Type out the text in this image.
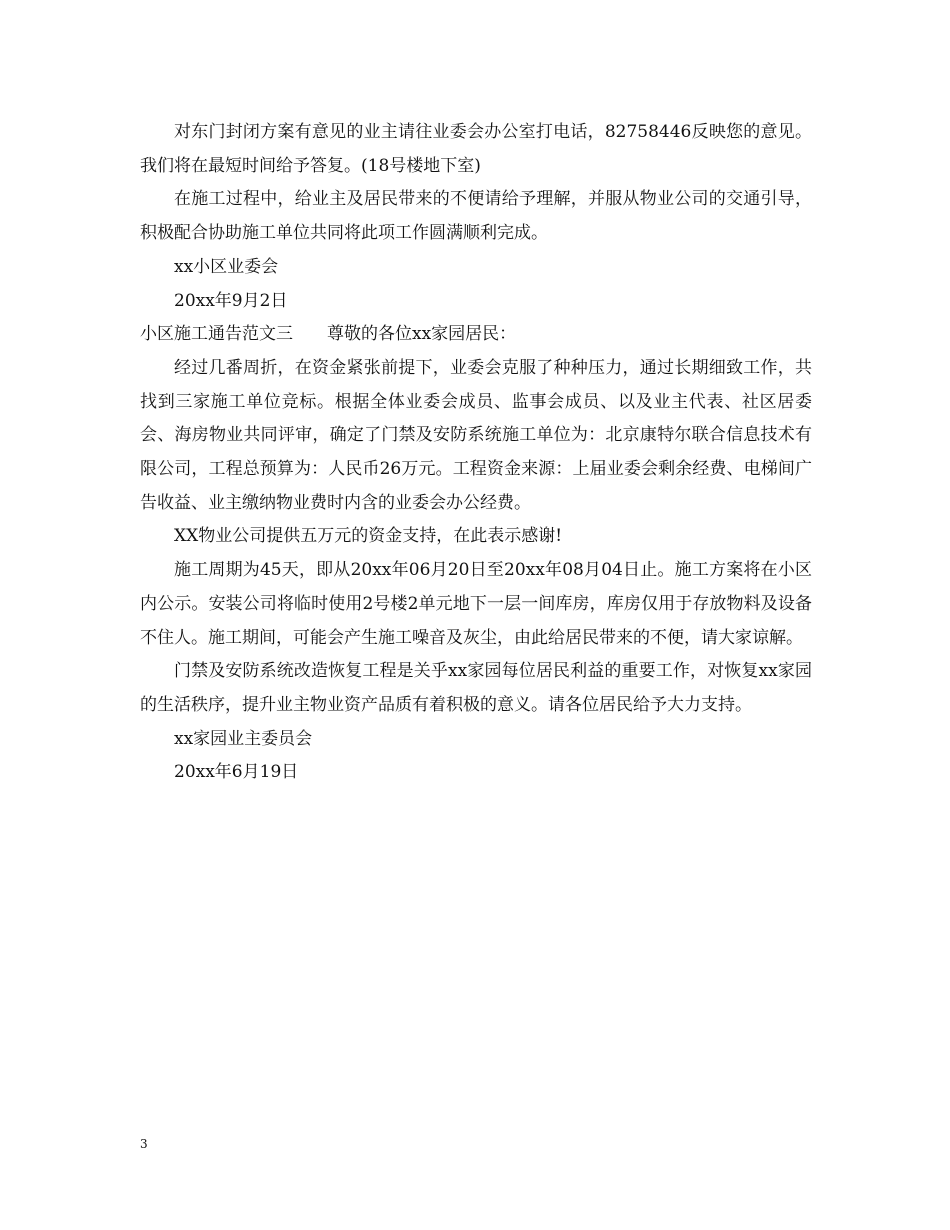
对东门封闭方案有意见的业主请往业委会办公室打电话，82758446反映您的意见。我们将在最短时间给予答复。(18号楼地下室)

在施工过程中，给业主及居民带来的不便请给予理解，并服从物业公司的交通引导，积极配合协助施工单位共同将此项工作圆满顺利完成。

xx小区业委会

20xx年9月2日

小区施工通告范文三　　 尊敬的各位xx家园居民：

经过几番周折，在资金紧张前提下，业委会克服了种种压力，通过长期细致工作，共找到三家施工单位竞标。根据全体业委会成员、监事会成员、以及业主代表、社区居委会、海房物业共同评审，确定了门禁及安防系统施工单位为：北京康特尔联合信息技术有限公司，工程总预算为：人民币26万元。工程资金来源：上届业委会剩余经费、电梯间广告收益、业主缴纳物业费时内含的业委会办公经费。

XX物业公司提供五万元的资金支持，在此表示感谢!

施工周期为45天，即从20xx年06月20日至20xx年08月04日止。施工方案将在小区内公示。安装公司将临时使用2号楼2单元地下一层一间库房，库房仅用于存放物料及设备不住人。施工期间，可能会产生施工噪音及灰尘，由此给居民带来的不便，请大家谅解。

门禁及安防系统改造恢复工程是关乎xx家园每位居民利益的重要工作，对恢复xx家园的生活秩序，提升业主物业资产品质有着积极的意义。请各位居民给予大力支持。

xx家园业主委员会

20xx年6月19日

3
